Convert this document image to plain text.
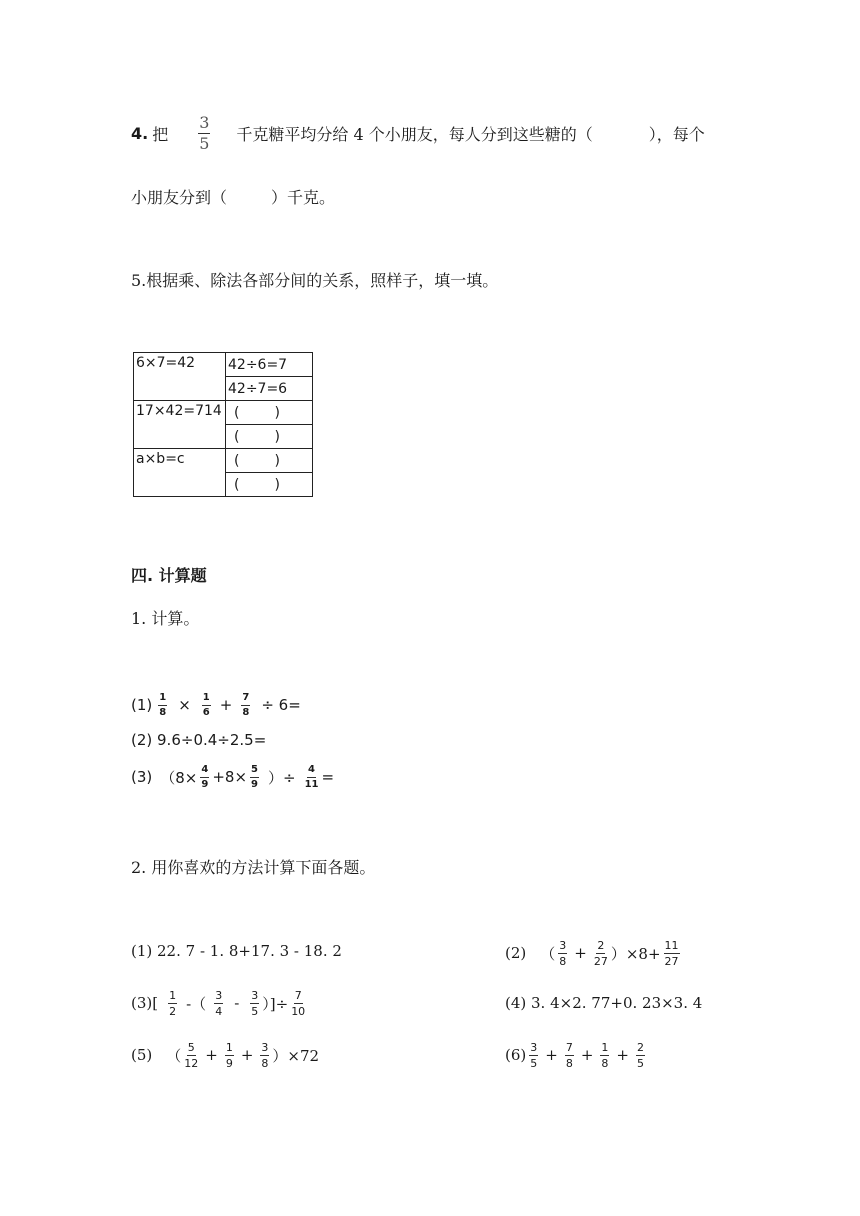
4. 把 $\frac{3}{5}$ 千克糖平均分给 4 个小朋友，每人分到这些糖的（	），每个
小朋友分到（	）千克。
5.根据乘、除法各部分间的关系，照样子，填一填。
6×7=42	42÷6=7
	42÷7=6
17×42=714	(   )
	(   )
a×b=c	(   )
	(   )
四. 计算题
1. 计算。
$(1) \frac{1}{8} \times \frac{1}{6} + \frac{7}{8} \div 6=$
(2) 9.6÷0.4÷2.5=
(3) （$8\times \frac{4}{9} +8\times \frac{5}{9}$ ）÷ $\frac{4}{11}$ =
2. 用你喜欢的方法计算下面各题。
(1) 22. 7 - 1. 8+17. 3 - 18. 2	(2) （ $\frac{3}{8} + \frac{2}{27} )\times 8+ \frac{11}{27}$
$(3)[ \frac{1}{2}$ -（ $\frac{3}{4} - \frac{3}{5}$ ）]÷ $\frac{7}{10}$	(4) 3. 4×2. 77+0. 23×3. 4
(5) （ $\frac{5}{12} + \frac{1}{9} + \frac{3}{8} )\times 72$	$(6) \frac{3}{5} + \frac{7}{8} + \frac{1}{8} + \frac{2}{5}$
